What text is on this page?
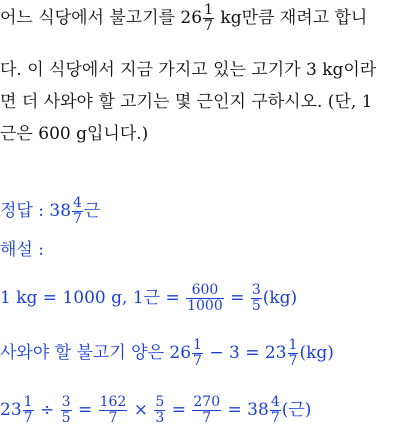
어느 식당에서 불고기를 $26 \frac{1}{7}$ kg만큼 재려고 합니
다. 이 식당에서 지금 가지고 있는 고기가 3 kg이라
면 더 사와야 할 고기는 몇 근인지 구하시오. (단, 1
근은 600 g입니다.)
정답 : $38 \frac{4}{7}$ 근
해설 :
1 kg = 1000 g, 1근 = $\frac{600}{1000} = \frac{3}{5} (kg)$
사와야 할 불고기 양은 $26 \frac{1}{7} - 3 = 23 \frac{1}{7} (kg)$
$23 \frac{1}{7} \div \frac{3}{5} = \frac{162}{7} \times \frac{5}{3} = \frac{270}{7} = 38 \frac{4}{7}$ (근)
